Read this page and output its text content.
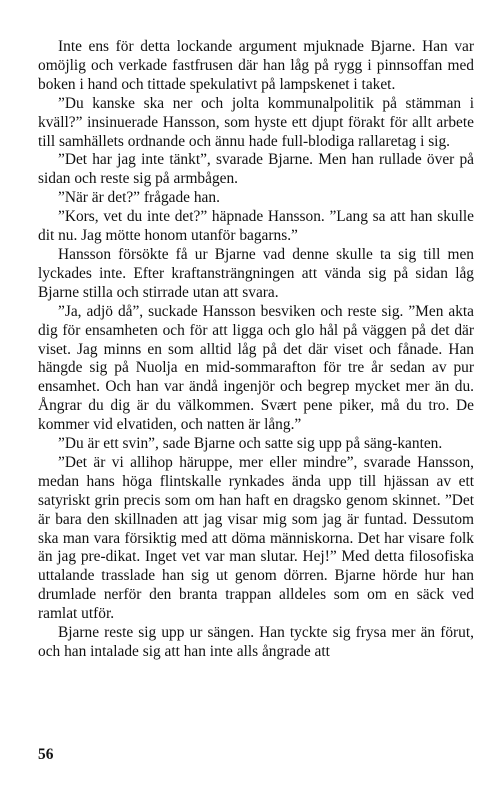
Inte ens för detta lockande argument mjuknade Bjarne. Han var omöjlig och verkade fastfrusen där han låg på rygg i pinnsoffan med boken i hand och tittade spekulativt på lampskenet i taket.

”Du kanske ska ner och jolta kommunalpolitik på stämman i kväll?” insinuerade Hansson, som hyste ett djupt förakt för allt arbete till samhällets ordnande och ännu hade full-blodiga rallaretag i sig.

”Det har jag inte tänkt”, svarade Bjarne. Men han rullade över på sidan och reste sig på armbågen.

”När är det?” frågade han.

”Kors, vet du inte det?” häpnade Hansson. ”Lang sa att han skulle dit nu. Jag mötte honom utanför bagarns.”

Hansson försökte få ur Bjarne vad denne skulle ta sig till men lyckades inte. Efter kraftansträngningen att vända sig på sidan låg Bjarne stilla och stirrade utan att svara.

”Ja, adjö då”, suckade Hansson besviken och reste sig. ”Men akta dig för ensamheten och för att ligga och glo hål på väggen på det där viset. Jag minns en som alltid låg på det där viset och fånade. Han hängde sig på Nuolja en mid-sommarafton för tre år sedan av pur ensamhet. Och han var ändå ingenjör och begrep mycket mer än du. Ångrar du dig är du välkommen. Svært pene piker, må du tro. De kommer vid elvatiden, och natten är lång.”

”Du är ett svin”, sade Bjarne och satte sig upp på säng-kanten.

”Det är vi allihop häruppe, mer eller mindre”, svarade Hansson, medan hans höga flintskalle rynkades ända upp till hjässan av ett satyriskt grin precis som om han haft en dragsko genom skinnet. ”Det är bara den skillnaden att jag visar mig som jag är funtad. Dessutom ska man vara försiktig med att döma människorna. Det har visare folk än jag pre-dikat. Inget vet var man slutar. Hej!” Med detta filosofiska uttalande trasslade han sig ut genom dörren. Bjarne hörde hur han drumlade nerför den branta trappan alldeles som om en säck ved ramlat utför.

Bjarne reste sig upp ur sängen. Han tyckte sig frysa mer än förut, och han intalade sig att han inte alls ångrade att

56
